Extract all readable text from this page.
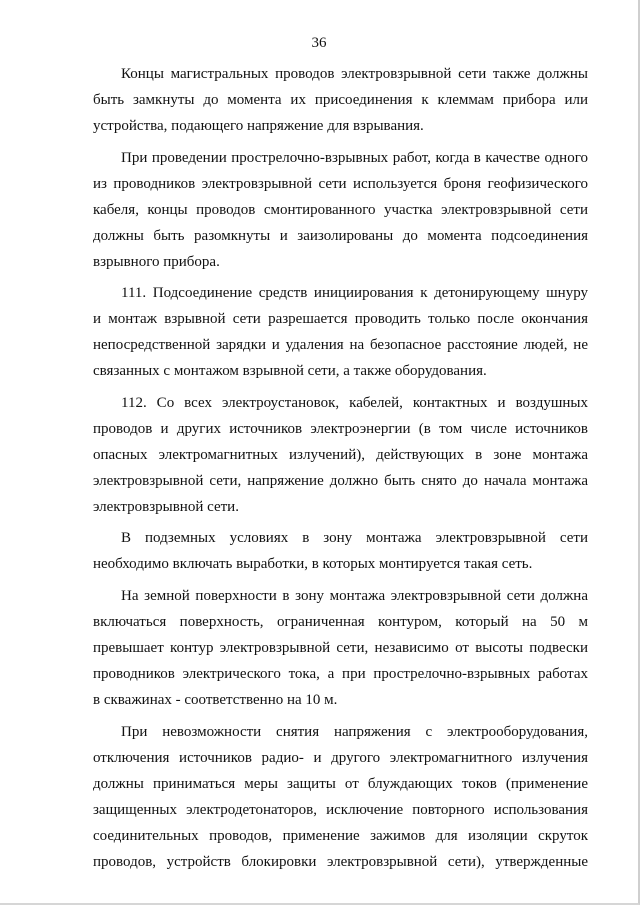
36
Концы магистральных проводов электровзрывной сети также должны
быть замкнуты до момента их присоединения к клеммам прибора или
устройства, подающего напряжение для взрывания.
При проведении прострелочно-взрывных работ, когда в качестве одного
из проводников электровзрывной сети используется броня геофизического
кабеля, концы проводов смонтированного участка электровзрывной сети
должны быть разомкнуты и заизолированы до момента подсоединения
взрывного прибора.
111. Подсоединение средств инициирования к детонирующему шнуру
и монтаж взрывной сети разрешается проводить только после окончания
непосредственной зарядки и удаления на безопасное расстояние людей, не
связанных с монтажом взрывной сети, а также оборудования.
112. Со всех электроустановок, кабелей, контактных и воздушных
проводов и других источников электроэнергии (в том числе источников
опасных электромагнитных излучений), действующих в зоне монтажа
электровзрывной сети, напряжение должно быть снято до начала монтажа
электровзрывной сети.
В подземных условиях в зону монтажа электровзрывной сети
необходимо включать выработки, в которых монтируется такая сеть.
На земной поверхности в зону монтажа электровзрывной сети должна
включаться поверхность, ограниченная контуром, который на 50 м
превышает контур электровзрывной сети, независимо от высоты подвески
проводников электрического тока, а при прострелочно-взрывных работах
в скважинах - соответственно на 10 м.
При невозможности снятия напряжения с электрооборудования,
отключения источников радио- и другого электромагнитного излучения
должны приниматься меры защиты от блуждающих токов (применение
защищенных электродетонаторов, исключение повторного использования
соединительных проводов, применение зажимов для изоляции скруток
проводов, устройств блокировки электровзрывной сети), утвержденные
